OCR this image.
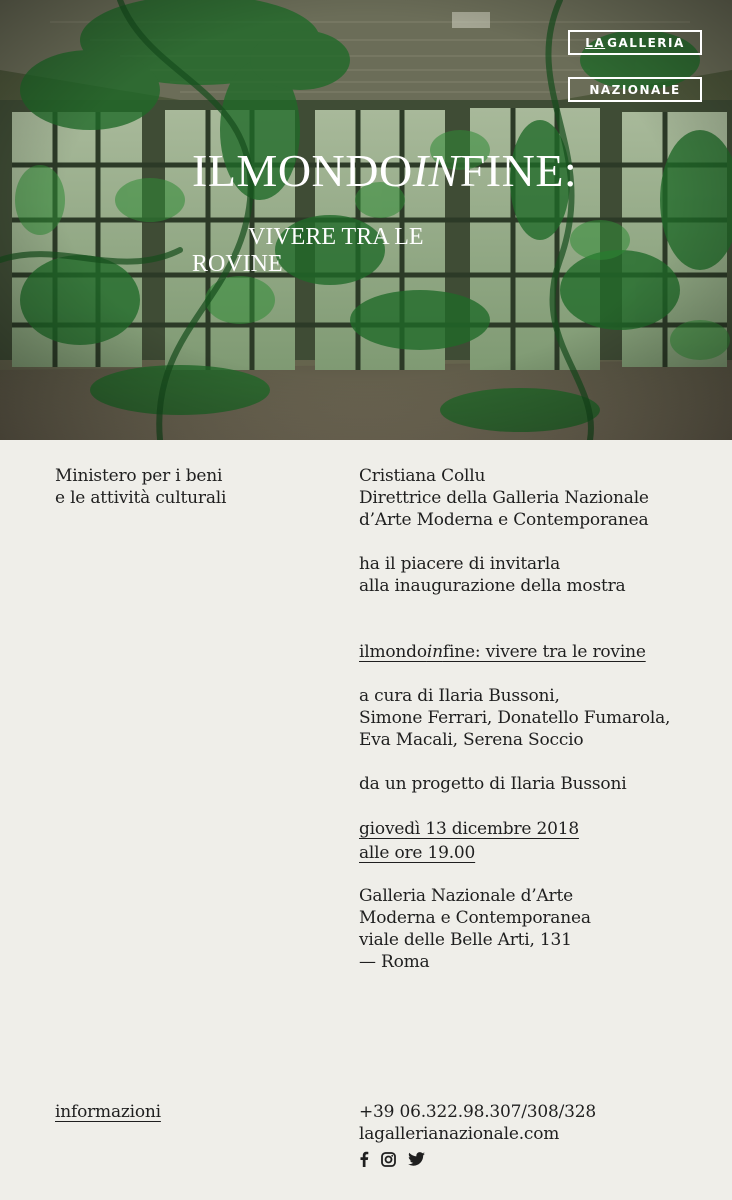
LA GALLERIA
NAZIONALE
ILMONDOINFINE:
VIVERE TRA LE ROVINE
Ministero per i beni
e le attività culturali
Cristiana Collu
Direttrice della Galleria Nazionale
d’Arte Moderna e Contemporanea
ha il piacere di invitarla
alla inaugurazione della mostra
ilmondoinfine: vivere tra le rovine
a cura di Ilaria Bussoni,
Simone Ferrari, Donatello Fumarola,
Eva Macali, Serena Soccio
da un progetto di Ilaria Bussoni
giovedì 13 dicembre 2018
alle ore 19.00
Galleria Nazionale d’Arte
Moderna e Contemporanea
viale delle Belle Arti, 131
— Roma
informazioni	+39 06.322.98.307/308/328
lagallerianazionale.com
